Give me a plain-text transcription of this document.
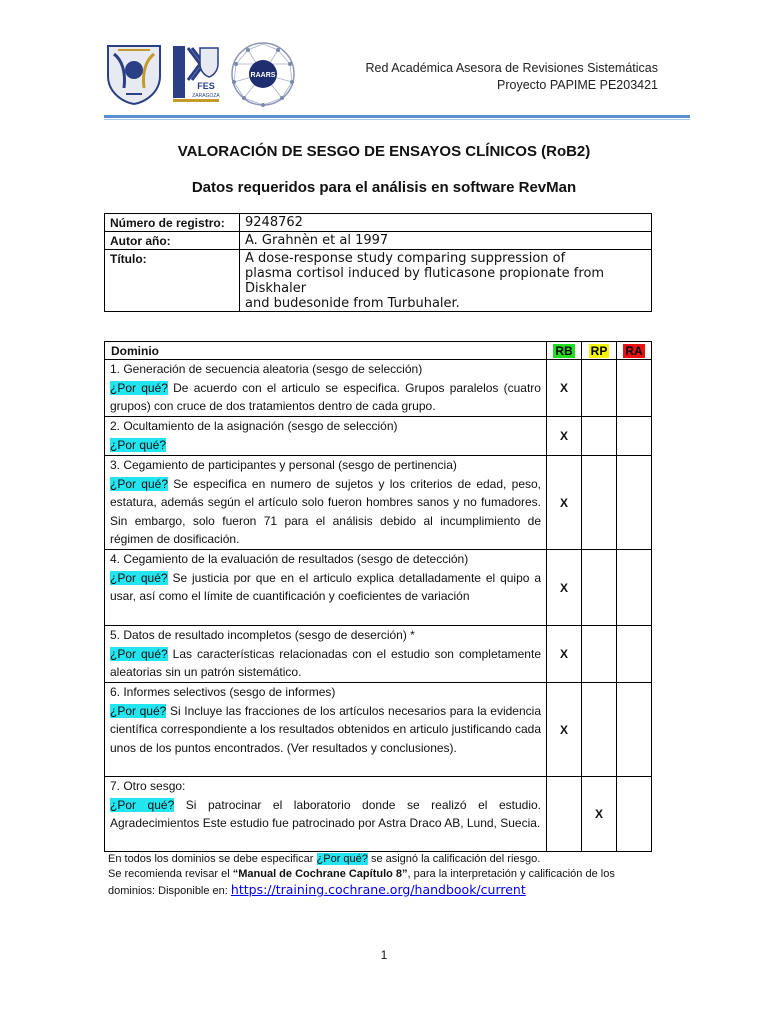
FES
ZARAGOZA
RAARS
Red Académica Asesora de Revisiones Sistemáticas
Proyecto PAPIME PE203421
VALORACIÓN DE SESGO DE ENSAYOS CLÍNICOS (RoB2)
Datos requeridos para el análisis en software RevMan
Número de registro:	9248762
Autor año:	A. Grahnèn et al 1997
Título:	A dose-response study comparing suppression of
plasma cortisol induced by fluticasone propionate from
Diskhaler
and budesonide from Turbuhaler.
Dominio	RB	RP	RA

1. Generación de secuencia aleatoria (sesgo de selección)
¿Por qué? De acuerdo con el articulo se especifica. Grupos paralelos (cuatro grupos) con cruce de dos tratamientos dentro de cada grupo.	X		

2. Ocultamiento de la asignación (sesgo de selección)
¿Por qué?	X		

3. Cegamiento de participantes y personal (sesgo de pertinencia)
¿Por qué? Se especifica en numero de sujetos y los criterios de edad, peso, estatura, además según el artículo solo fueron hombres sanos y no fumadores. Sin embargo, solo fueron 71 para el análisis debido al incumplimiento de régimen de dosificación.	X		

4. Cegamiento de la evaluación de resultados (sesgo de detección)
¿Por qué? Se justicia por que en el articulo explica detalladamente el quipo a usar, así como el límite de cuantificación y coeficientes de variación	X		

5. Datos de resultado incompletos (sesgo de deserción) *
¿Por qué? Las características relacionadas con el estudio son completamente aleatorias sin un patrón sistemático.	X		

6. Informes selectivos (sesgo de informes)
¿Por qué? Si Incluye las fracciones de los artículos necesarios para la evidencia científica correspondiente a los resultados obtenidos en articulo justificando cada unos de los puntos encontrados. (Ver resultados y conclusiones).	X		

7. Otro sesgo:
¿Por qué? Si patrocinar el laboratorio donde se realizó el estudio. Agradecimientos Este estudio fue patrocinado por Astra Draco AB, Lund, Suecia.		X	
En todos los dominios se debe especificar ¿Por qué? se asignó la calificación del riesgo.
Se recomienda revisar el “Manual de Cochrane Capítulo 8”, para la interpretación y calificación de los dominios: Disponible en: https://training.cochrane.org/handbook/current
1
